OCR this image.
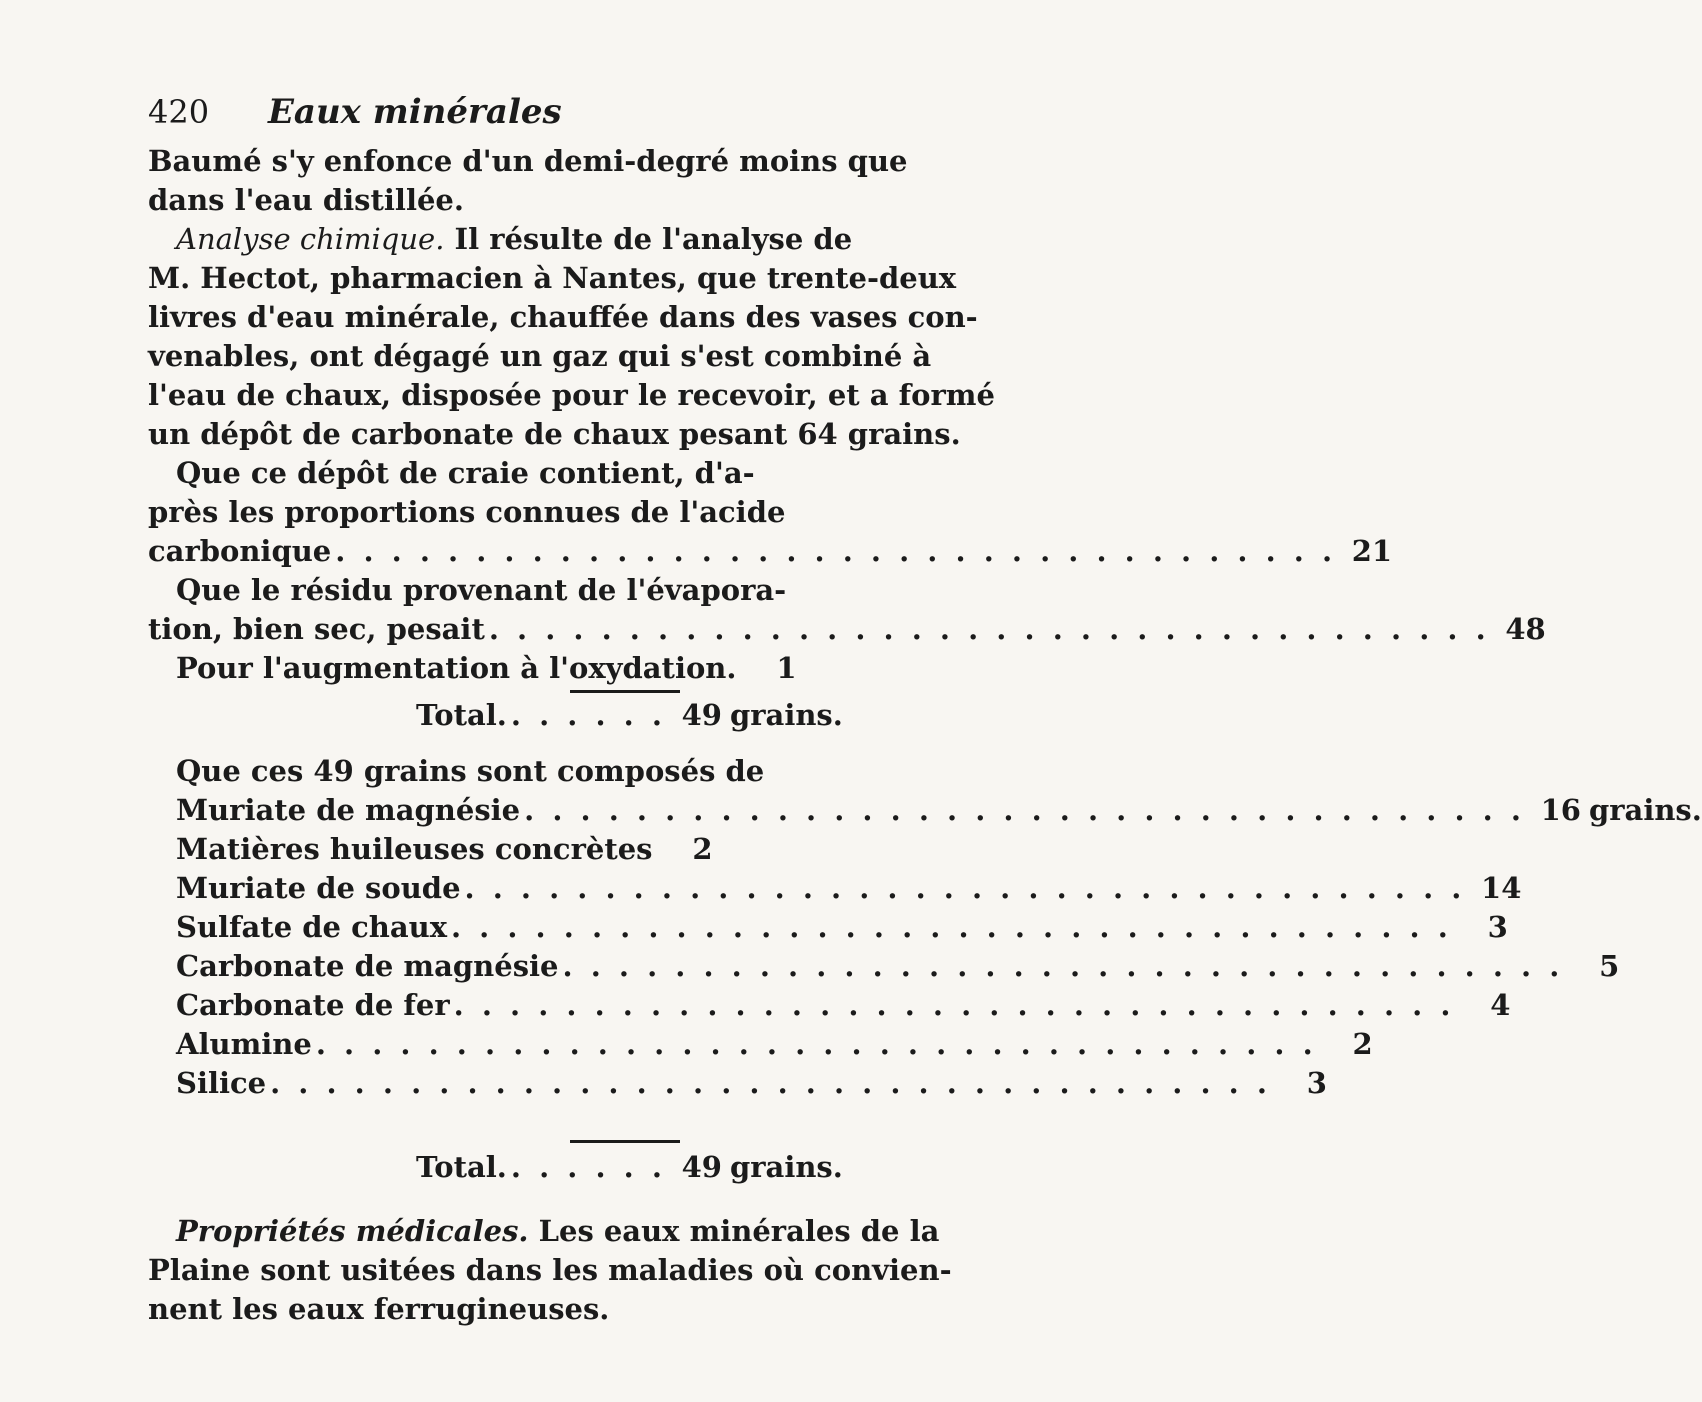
420 Eaux minérales
Baumé s'y enfonce d'un demi-degré moins que
dans l'eau distillée.
Analyse chimique. Il résulte de l'analyse de
M. Hectot, pharmacien à Nantes, que trente-deux
livres d'eau minérale, chauffée dans des vases con-
venables, ont dégagé un gaz qui s'est combiné à
l'eau de chaux, disposée pour le recevoir, et a formé
un dépôt de carbonate de chaux pesant 64 grains.
Que ce dépôt de craie contient, d'a-
près les proportions connues de l'acide
carbonique . . . . . . . . . . . . . . . . . . . . . . . . . . . . . . . . . . . . 21
Que le résidu provenant de l'évapora-
tion, bien sec, pesait . . . . . . . . . . . . . . . . . . . . . . . . . . . . . . . . . . . . 48
Pour l'augmentation à l'oxydation.	1
Total. . . . . . . 49 grains.
Que ces 49 grains sont composés de
Muriate de magnésie . . . . . . . . . . . . . . . . . . . . . . . . . . . . . . . . . . . . 16 grains.
Matières huileuses concrètes	2
Muriate de soude . . . . . . . . . . . . . . . . . . . . . . . . . . . . . . . . . . . . 14
Sulfate de chaux . . . . . . . . . . . . . . . . . . . . . . . . . . . . . . . . . . . .	3
Carbonate de magnésie . . . . . . . . . . . . . . . . . . . . . . . . . . . . . . . . . . . .	5
Carbonate de fer . . . . . . . . . . . . . . . . . . . . . . . . . . . . . . . . . . . .	4
Alumine . . . . . . . . . . . . . . . . . . . . . . . . . . . . . . . . . . . .	2
Silice . . . . . . . . . . . . . . . . . . . . . . . . . . . . . . . . . . . .	3
Total. . . . . . . 49 grains.
Propriétés médicales. Les eaux minérales de la
Plaine sont usitées dans les maladies où convien-
nent les eaux ferrugineuses.
